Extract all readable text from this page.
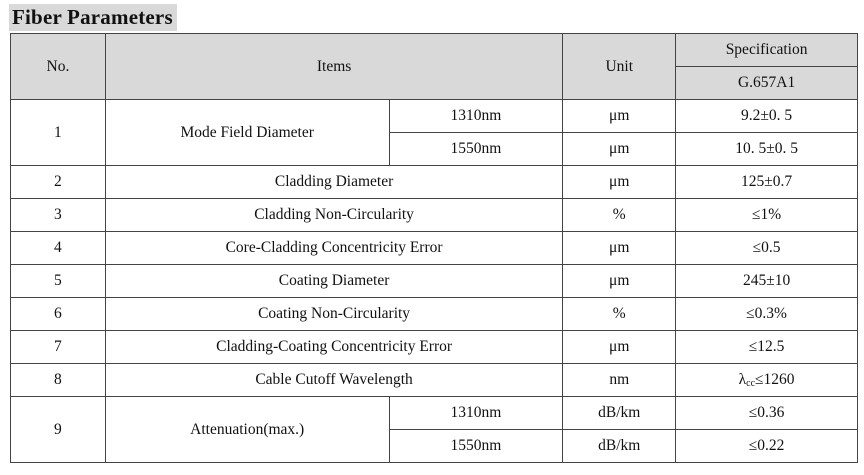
Fiber Parameters
No.	Items		Unit	Specification
				G.657A1
1	Mode Field Diameter	1310nm	μm	9.2±0. 5
		1550nm	μm	10. 5±0. 5
2	Cladding Diameter		μm	125±0.7
3	Cladding Non-Circularity		%	≤1%
4	Core-Cladding Concentricity Error		μm	≤0.5
5	Coating Diameter		μm	245±10
6	Coating Non-Circularity		%	≤0.3%
7	Cladding-Coating Concentricity Error		μm	≤12.5
8	Cable Cutoff Wavelength		nm	λcc≤1260
9	Attenuation(max.)	1310nm	dB/km	≤0.36
		1550nm	dB/km	≤0.22
